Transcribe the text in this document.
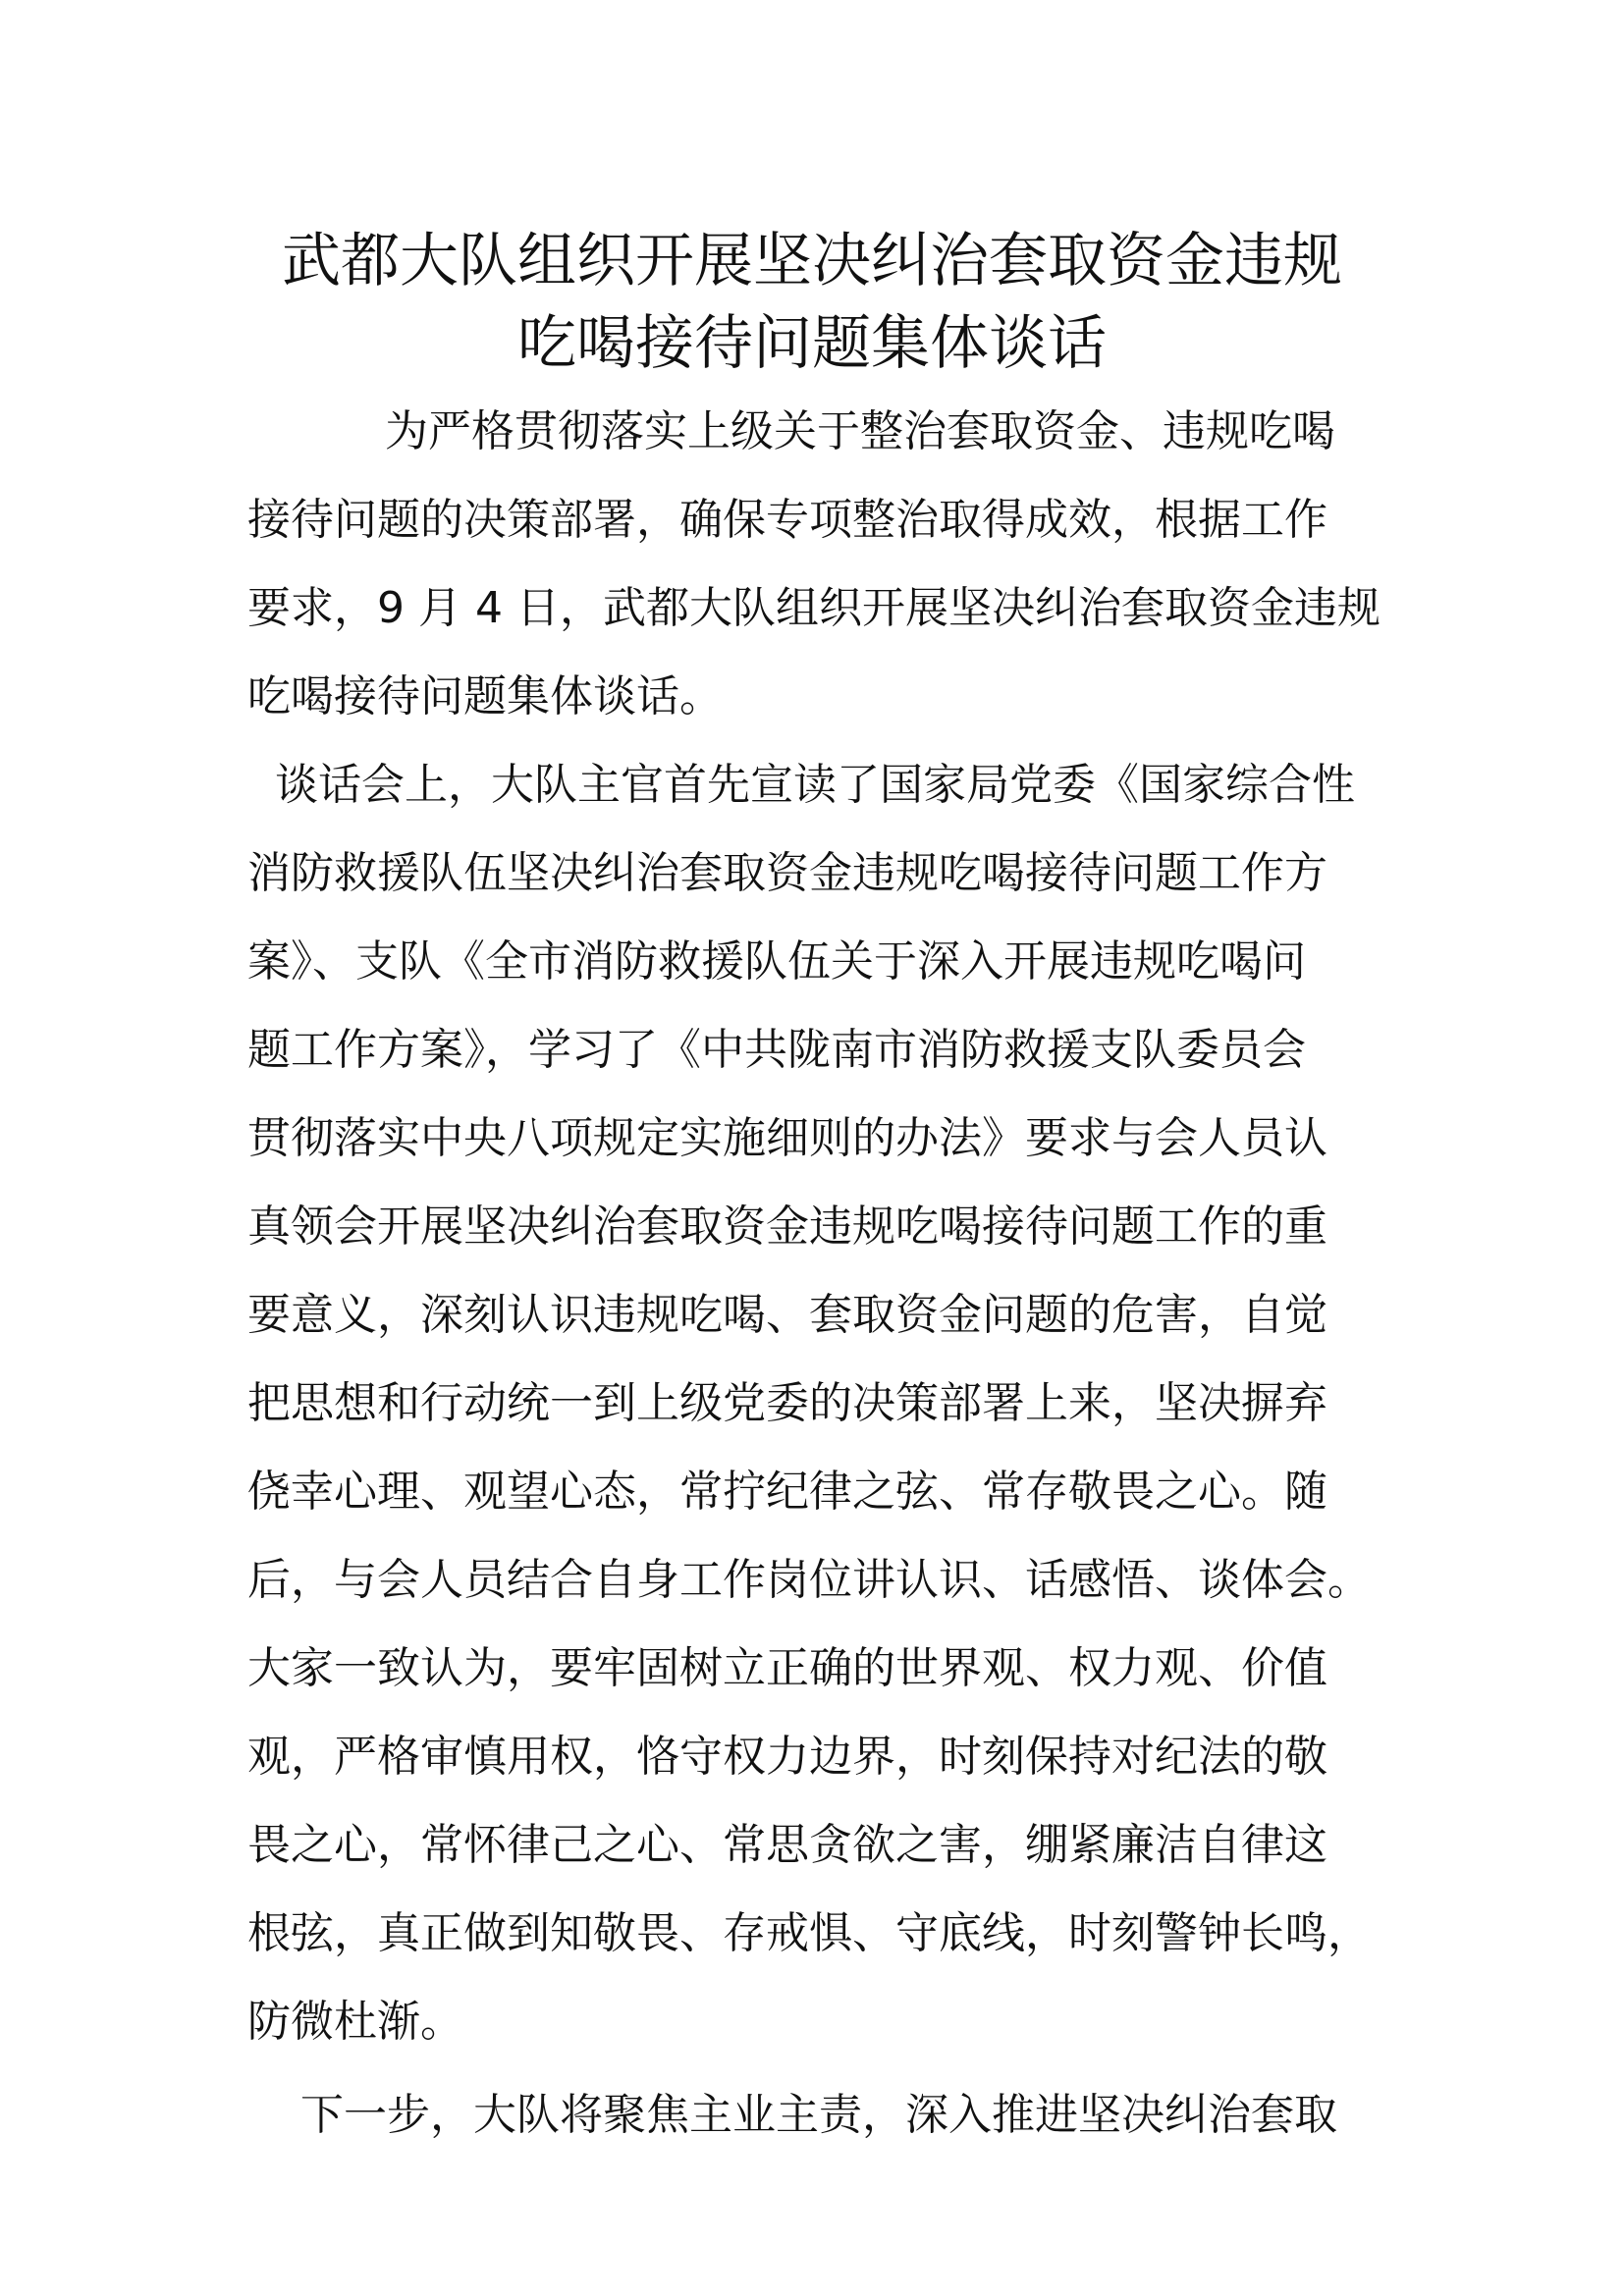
武都大队组织开展坚决纠治套取资金违规
吃喝接待问题集体谈话
为严格贯彻落实上级关于整治套取资金、违规吃喝
接待问题的决策部署，确保专项整治取得成效，根据工作
要求，9 月 4 日，武都大队组织开展坚决纠治套取资金违规
吃喝接待问题集体谈话。
谈话会上，大队主官首先宣读了国家局党委《国家综合性
消防救援队伍坚决纠治套取资金违规吃喝接待问题工作方
案》、支队《全市消防救援队伍关于深入开展违规吃喝问
题工作方案》，学习了《中共陇南市消防救援支队委员会
贯彻落实中央八项规定实施细则的办法》要求与会人员认
真领会开展坚决纠治套取资金违规吃喝接待问题工作的重
要意义，深刻认识违规吃喝、套取资金问题的危害，自觉
把思想和行动统一到上级党委的决策部署上来，坚决摒弃
侥幸心理、观望心态，常拧纪律之弦、常存敬畏之心。随
后，与会人员结合自身工作岗位讲认识、话感悟、谈体会。
大家一致认为，要牢固树立正确的世界观、权力观、价值
观，严格审慎用权，恪守权力边界，时刻保持对纪法的敬
畏之心，常怀律己之心、常思贪欲之害，绷紧廉洁自律这
根弦，真正做到知敬畏、存戒惧、守底线，时刻警钟长鸣，
防微杜渐。
下一步，大队将聚焦主业主责，深入推进坚决纠治套取
